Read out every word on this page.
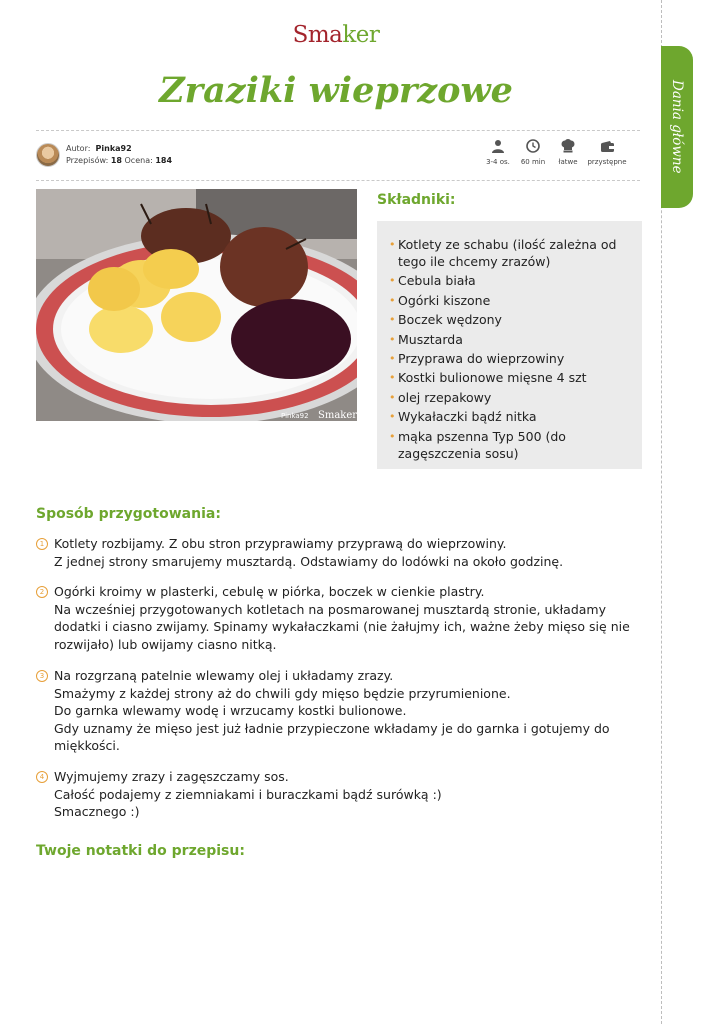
Smaker
Zraziki wieprzowe
Autor: Pinka92
Przepisów: 18 Ocena: 184	3-4 os. 60 min łatwe przystępne
Pinka92 Smaker
Składniki:
• Kotlety ze schabu (ilość zależna od tego ile chcemy zrazów)
• Cebula biała
• Ogórki kiszone
• Boczek wędzony
• Musztarda
• Przyprawa do wieprzowiny
• Kostki bulionowe mięsne 4 szt
• olej rzepakowy
• Wykałaczki bądź nitka
• mąka pszenna Typ 500 (do zagęszczenia sosu)
Sposób przygotowania:
1 Kotlety rozbijamy. Z obu stron przyprawiamy przyprawą do wieprzowiny.
Z jednej strony smarujemy musztardą. Odstawiamy do lodówki na około godzinę.
2 Ogórki kroimy w plasterki, cebulę w piórka, boczek w cienkie plastry.
Na wcześniej przygotowanych kotletach na posmarowanej musztardą stronie, układamy
dodatki i ciasno zwijamy. Spinamy wykałaczkami (nie żałujmy ich, ważne żeby mięso się nie
rozwijało) lub owijamy ciasno nitką.
3 Na rozgrzaną patelnie wlewamy olej i układamy zrazy.
Smażymy z każdej strony aż do chwili gdy mięso będzie przyrumienione.
Do garnka wlewamy wodę i wrzucamy kostki bulionowe.
Gdy uznamy że mięso jest już ładnie przypieczone wkładamy je do garnka i gotujemy do
miękkości.
4 Wyjmujemy zrazy i zagęszczamy sos.
Całość podajemy z ziemniakami i buraczkami bądź surówką :)
Smacznego :)
Twoje notatki do przepisu:
Dania główne
